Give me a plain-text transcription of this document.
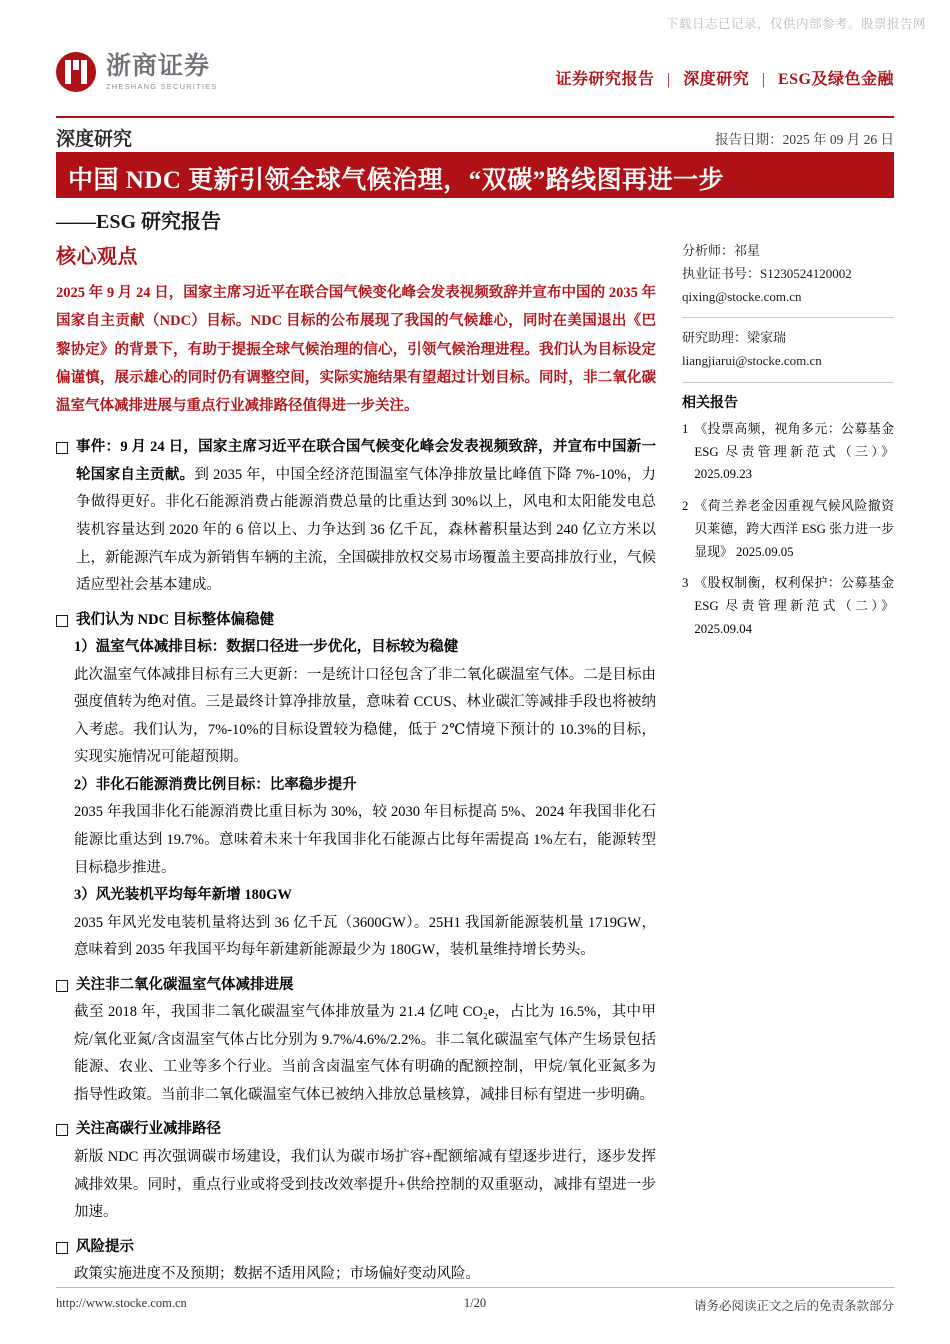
下载日志已记录，仅供内部参考。股票报告网
浙商证券
ZHESHANG SECURITIES	证券研究报告 | 深度研究 | ESG及绿色金融
深度研究	报告日期：2025 年 09 月 26 日
中国 NDC 更新引领全球气候治理，“双碳”路线图再进一步
——ESG 研究报告
核心观点

2025 年 9 月 24 日，国家主席习近平在联合国气候变化峰会发表视频致辞并宣布中国的 2035 年国家自主贡献（NDC）目标。NDC 目标的公布展现了我国的气候雄心，同时在美国退出《巴黎协定》的背景下，有助于提振全球气候治理的信心，引领气候治理进程。我们认为目标设定偏谨慎，展示雄心的同时仍有调整空间，实际实施结果有望超过计划目标。同时，非二氧化碳温室气体减排进展与重点行业减排路径值得进一步关注。

事件：9 月 24 日，国家主席习近平在联合国气候变化峰会发表视频致辞，并宣布中国新一轮国家自主贡献。到 2035 年，中国全经济范围温室气体净排放量比峰值下降 7%-10%，力争做得更好。非化石能源消费占能源消费总量的比重达到 30%以上，风电和太阳能发电总装机容量达到 2020 年的 6 倍以上、力争达到 36 亿千瓦，森林蓄积量达到 240 亿立方米以上，新能源汽车成为新销售车辆的主流，全国碳排放权交易市场覆盖主要高排放行业，气候适应型社会基本建成。
我们认为 NDC 目标整体偏稳健

1）温室气体减排目标：数据口径进一步优化，目标较为稳健

此次温室气体减排目标有三大更新：一是统计口径包含了非二氧化碳温室气体。二是目标由强度值转为绝对值。三是最终计算净排放量，意味着 CCUS、林业碳汇等减排手段也将被纳入考虑。我们认为，7%-10%的目标设置较为稳健，低于 2℃情境下预计的 10.3%的目标，实现实施情况可能超预期。

2）非化石能源消费比例目标：比率稳步提升

2035 年我国非化石能源消费比重目标为 30%，较 2030 年目标提高 5%、2024 年我国非化石能源比重达到 19.7%。意味着未来十年我国非化石能源占比每年需提高 1%左右，能源转型目标稳步推进。

3）风光装机平均每年新增 180GW

2035 年风光发电装机量将达到 36 亿千瓦（3600GW）。25H1 我国新能源装机量 1719GW，意味着到 2035 年我国平均每年新建新能源最少为 180GW，装机量维持增长势头。

关注非二氧化碳温室气体减排进展

截至 2018 年，我国非二氧化碳温室气体排放量为 21.4 亿吨 CO₂e，占比为 16.5%，其中甲烷/氧化亚氮/含卤温室气体占比分别为 9.7%/4.6%/2.2%。非二氧化碳温室气体产生场景包括能源、农业、工业等多个行业。当前含卤温室气体有明确的配额控制，甲烷/氧化亚氮多为指导性政策。当前非二氧化碳温室气体已被纳入排放总量核算，减排目标有望进一步明确。

关注高碳行业减排路径

新版 NDC 再次强调碳市场建设，我们认为碳市场扩容+配额缩减有望逐步进行，逐步发挥减排效果。同时，重点行业或将受到技改效率提升+供给控制的双重驱动，减排有望进一步加速。

风险提示

政策实施进度不及预期；数据不适用风险；市场偏好变动风险。

分析师：祁星
执业证书号：S1230524120002
qixing@stocke.com.cn
研究助理：梁家瑞
liangjiarui@stocke.com.cn
相关报告
1 《投票高频，视角多元：公募基金 ESG 尽责管理新范式（三）》 2025.09.23
2 《荷兰养老金因重视气候风险撤资贝莱德，跨大西洋 ESG 张力进一步显现》 2025.09.05
3 《股权制衡，权利保护：公募基金 ESG 尽责管理新范式（二）》 2025.09.04
http://www.stocke.com.cn	1/20	请务必阅读正文之后的免责条款部分
